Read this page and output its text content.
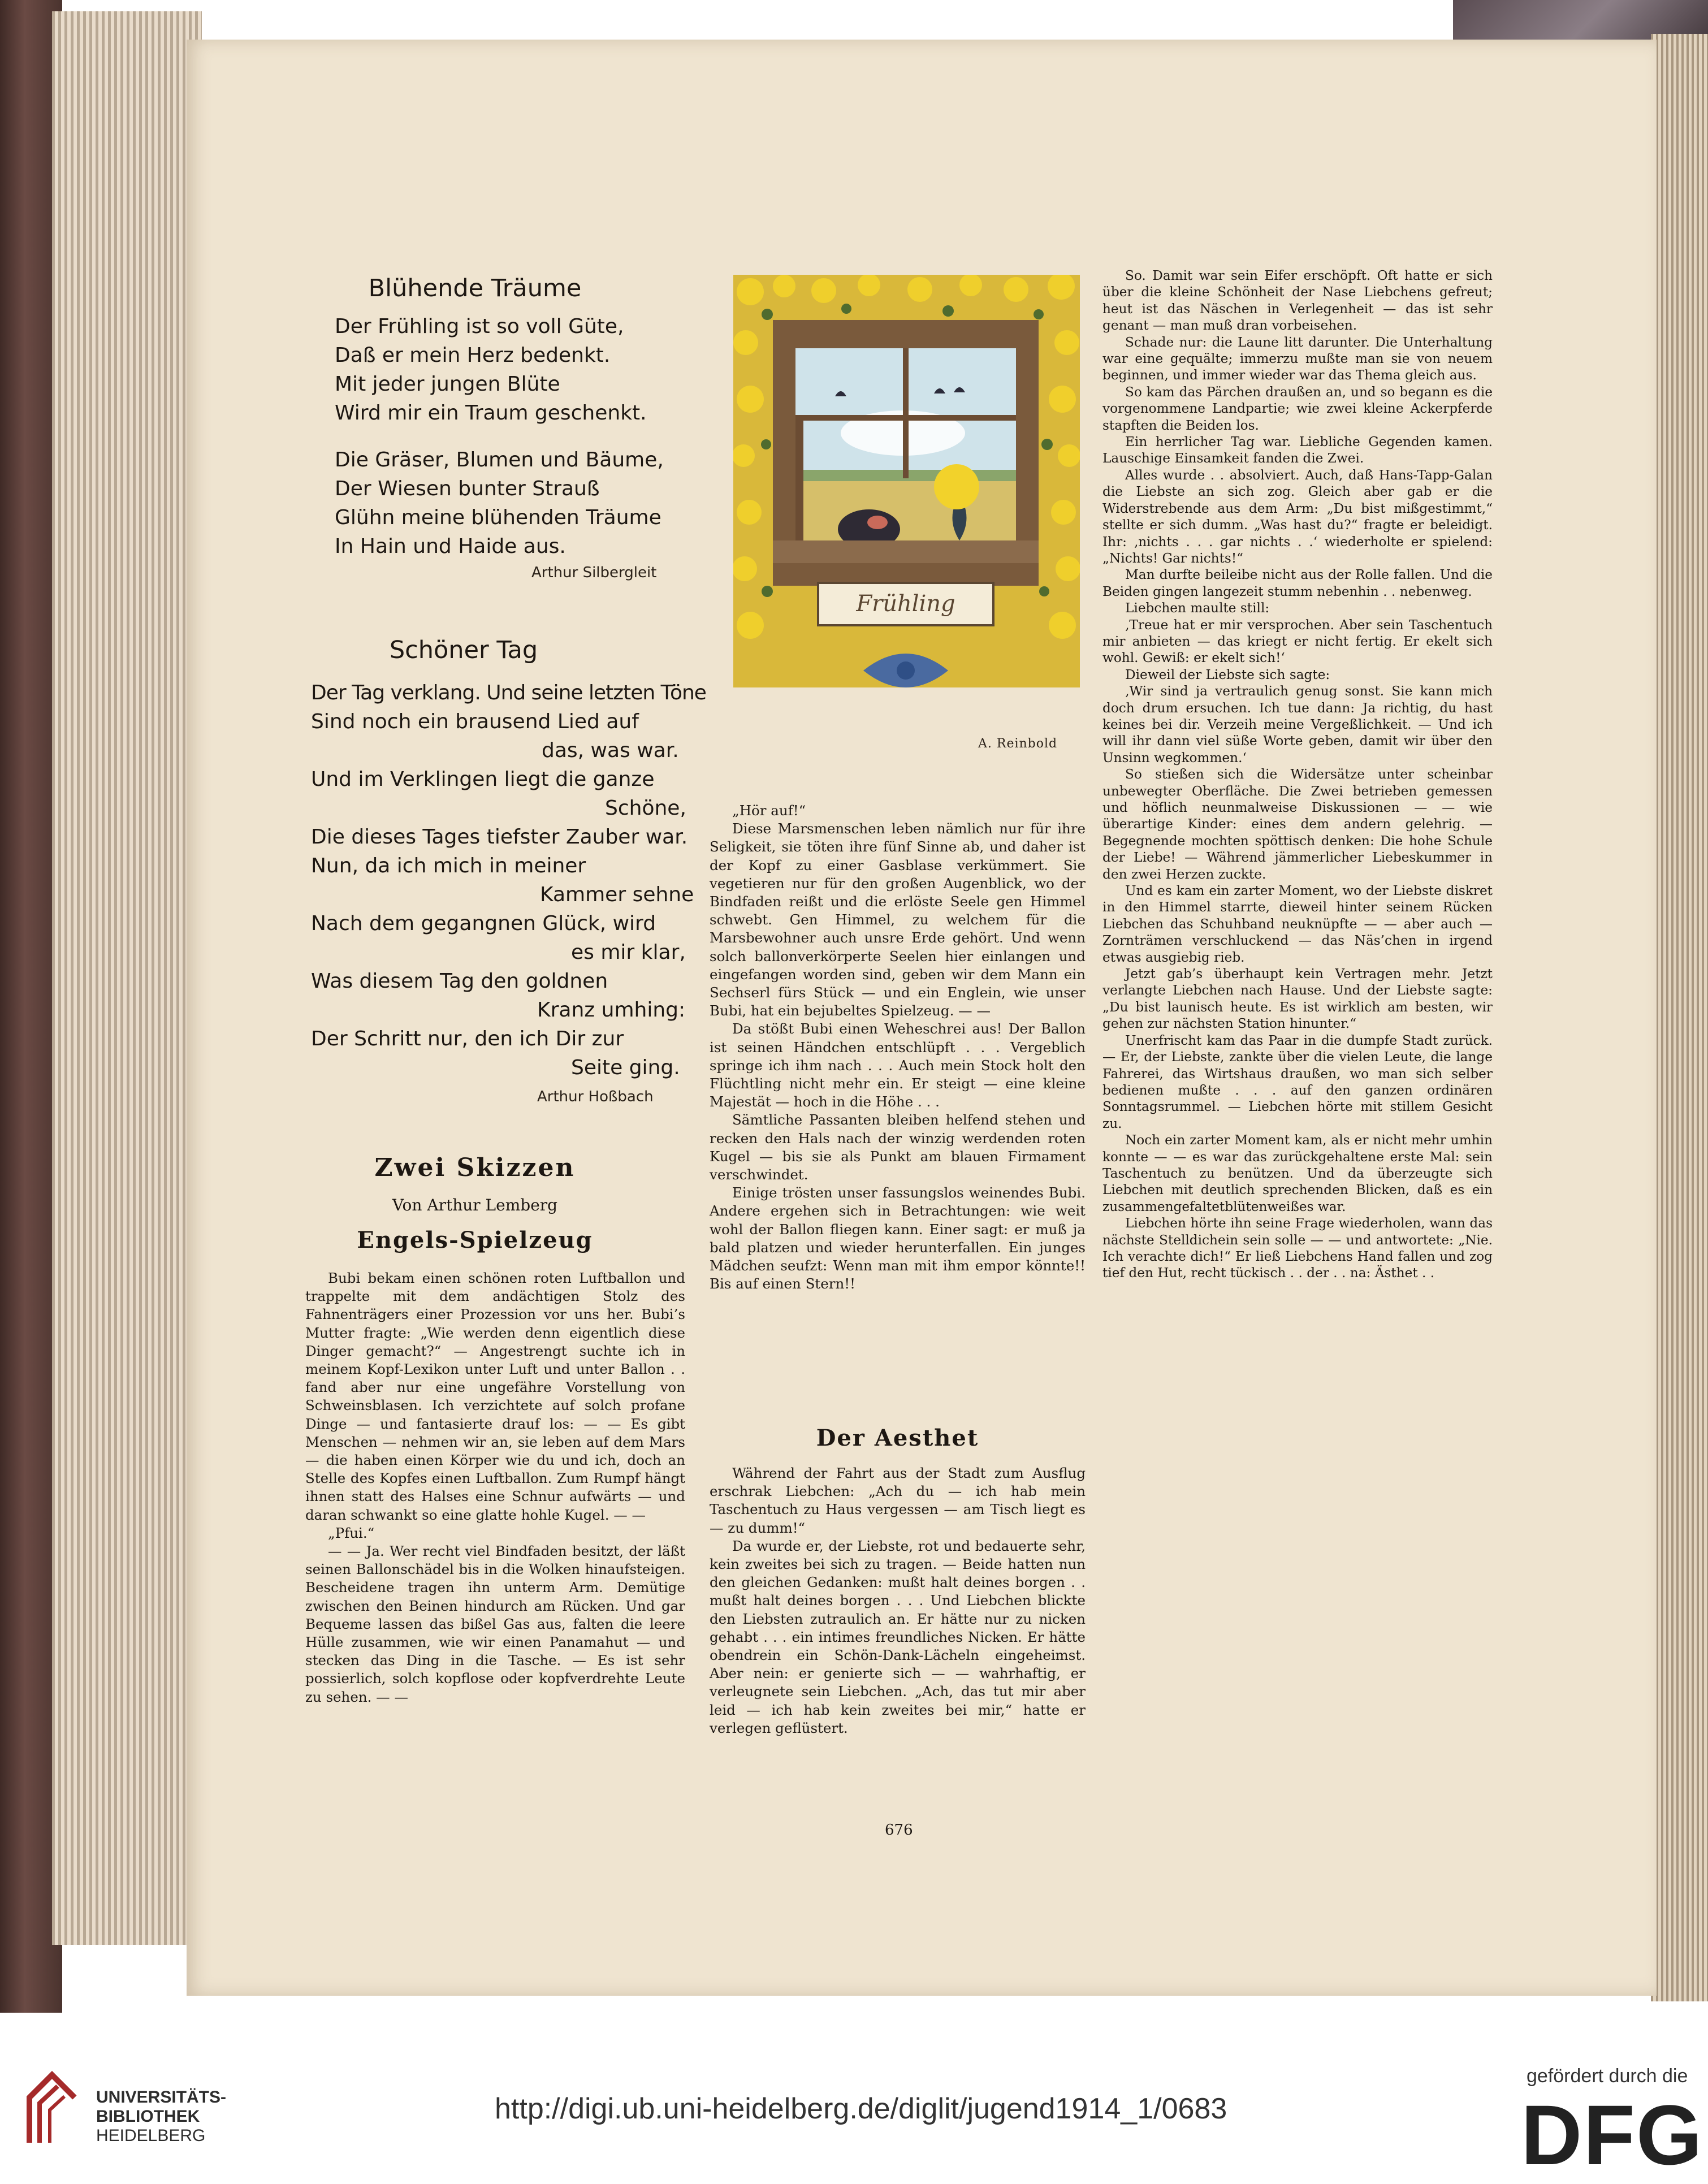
Blühende Träume
Der Frühling ist so voll Güte,
Daß er mein Herz bedenkt.
Mit jeder jungen Blüte
Wird mir ein Traum geschenkt.
Die Gräser, Blumen und Bäume,
Der Wiesen bunter Strauß
Glühn meine blühenden Träume
In Hain und Haide aus.
Arthur Silbergleit
Schöner Tag
Der Tag verklang. Und seine letzten Töne
Sind noch ein brausend Lied auf
das, was war.
Und im Verklingen liegt die ganze
Schöne,
Die dieses Tages tiefster Zauber war.
Nun, da ich mich in meiner
Kammer sehne
Nach dem gegangnen Glück, wird
es mir klar,
Was diesem Tag den goldnen
Kranz umhing:
Der Schritt nur, den ich Dir zur
Seite ging.
Arthur Hoßbach
Zwei Skizzen
Von Arthur Lemberg
Engels-Spielzeug

Bubi bekam einen schönen roten Luftballon und trappelte mit dem andächtigen Stolz des Fahnenträgers einer Prozession vor uns her. Bubi’s Mutter fragte: „Wie werden denn eigentlich diese Dinger gemacht?“ — Angestrengt suchte ich in meinem Kopf-Lexikon unter Luft und unter Ballon . . fand aber nur eine ungefähre Vorstellung von Schweinsblasen. Ich verzichtete auf solch profane Dinge — und fantasierte drauf los: — — Es gibt Menschen — nehmen wir an, sie leben auf dem Mars — die haben einen Körper wie du und ich, doch an Stelle des Kopfes einen Luftballon. Zum Rumpf hängt ihnen statt des Halses eine Schnur aufwärts — und daran schwankt so eine glatte hohle Kugel. — —

„Pfui.“

— — Ja. Wer recht viel Bindfaden besitzt, der läßt seinen Ballonschädel bis in die Wolken hinaufsteigen. Bescheidene tragen ihn unterm Arm. Demütige zwischen den Beinen hindurch am Rücken. Und gar Bequeme lassen das bißel Gas aus, falten die leere Hülle zusammen, wie wir einen Panamahut — und stecken das Ding in die Tasche. — Es ist sehr possierlich, solch kopflose oder kopfverdrehte Leute zu sehen. — —

Frühling
A. Reinbold

„Hör auf!“

Diese Marsmenschen leben nämlich nur für ihre Seligkeit, sie töten ihre fünf Sinne ab, und daher ist der Kopf zu einer Gasblase verkümmert. Sie vegetieren nur für den großen Augenblick, wo der Bindfaden reißt und die erlöste Seele gen Himmel schwebt. Gen Himmel, zu welchem für die Marsbewohner auch unsre Erde gehört. Und wenn solch ballonverkörperte Seelen hier einlangen und eingefangen worden sind, geben wir dem Mann ein Sechserl fürs Stück — und ein Englein, wie unser Bubi, hat ein bejubeltes Spielzeug. — —

Da stößt Bubi einen Weheschrei aus! Der Ballon ist seinen Händchen entschlüpft . . . Vergeblich springe ich ihm nach . . . Auch mein Stock holt den Flüchtling nicht mehr ein. Er steigt — eine kleine Majestät — hoch in die Höhe . . .

Sämtliche Passanten bleiben helfend stehen und recken den Hals nach der winzig werdenden roten Kugel — bis sie als Punkt am blauen Firmament verschwindet.

Einige trösten unser fassungslos weinendes Bubi. Andere ergehen sich in Betrachtungen: wie weit wohl der Ballon fliegen kann. Einer sagt: er muß ja bald platzen und wieder herunterfallen. Ein junges Mädchen seufzt: Wenn man mit ihm empor könnte!! Bis auf einen Stern!!

Der Aesthet

Während der Fahrt aus der Stadt zum Ausflug erschrak Liebchen: „Ach du — ich hab mein Taschentuch zu Haus vergessen — am Tisch liegt es — zu dumm!“

Da wurde er, der Liebste, rot und bedauerte sehr, kein zweites bei sich zu tragen. — Beide hatten nun den gleichen Gedanken: mußt halt deines borgen . . mußt halt deines borgen . . . Und Liebchen blickte den Liebsten zutraulich an. Er hätte nur zu nicken gehabt . . . ein intimes freundliches Nicken. Er hätte obendrein ein Schön-Dank-Lächeln eingeheimst. Aber nein: er genierte sich — — wahrhaftig, er verleugnete sein Liebchen. „Ach, das tut mir aber leid — ich hab kein zweites bei mir,“ hatte er verlegen geflüstert.

So. Damit war sein Eifer erschöpft. Oft hatte er sich über die kleine Schönheit der Nase Liebchens gefreut; heut ist das Näschen in Verlegenheit — das ist sehr genant — man muß dran vorbeisehen.

Schade nur: die Laune litt darunter. Die Unterhaltung war eine gequälte; immerzu mußte man sie von neuem beginnen, und immer wieder war das Thema gleich aus.

So kam das Pärchen draußen an, und so begann es die vorgenommene Landpartie; wie zwei kleine Ackerpferde stapften die Beiden los.

Ein herrlicher Tag war. Liebliche Gegenden kamen. Lauschige Einsamkeit fanden die Zwei.

Alles wurde . . absolviert. Auch, daß Hans-Tapp-Galan die Liebste an sich zog. Gleich aber gab er die Widerstrebende aus dem Arm: „Du bist mißgestimmt,“ stellte er sich dumm. „Was hast du?“ fragte er beleidigt. Ihr: ‚nichts . . . gar nichts . .‘ wiederholte er spielend: „Nichts! Gar nichts!“

Man durfte beileibe nicht aus der Rolle fallen. Und die Beiden gingen langezeit stumm nebenhin . . nebenweg.

Liebchen maulte still:

‚Treue hat er mir versprochen. Aber sein Taschentuch mir anbieten — das kriegt er nicht fertig. Er ekelt sich wohl. Gewiß: er ekelt sich!‘

Dieweil der Liebste sich sagte:

‚Wir sind ja vertraulich genug sonst. Sie kann mich doch drum ersuchen. Ich tue dann: Ja richtig, du hast keines bei dir. Verzeih meine Vergeßlichkeit. — Und ich will ihr dann viel süße Worte geben, damit wir über den Unsinn wegkommen.‘

So stießen sich die Widersätze unter scheinbar unbewegter Oberfläche. Die Zwei betrieben gemessen und höflich neunmalweise Diskussionen — — wie überartige Kinder: eines dem andern gelehrig. — Begegnende mochten spöttisch denken: Die hohe Schule der Liebe! — Während jämmerlicher Liebeskummer in den zwei Herzen zuckte.

Und es kam ein zarter Moment, wo der Liebste diskret in den Himmel starrte, dieweil hinter seinem Rücken Liebchen das Schuhband neuknüpfte — — aber auch — Zornträmen verschluckend — das Näs’chen in irgend etwas ausgiebig rieb.

Jetzt gab’s überhaupt kein Vertragen mehr. Jetzt verlangte Liebchen nach Hause. Und der Liebste sagte: „Du bist launisch heute. Es ist wirklich am besten, wir gehen zur nächsten Station hinunter.“

Unerfrischt kam das Paar in die dumpfe Stadt zurück. — Er, der Liebste, zankte über die vielen Leute, die lange Fahrerei, das Wirtshaus draußen, wo man sich selber bedienen mußte . . . auf den ganzen ordinären Sonntagsrummel. — Liebchen hörte mit stillem Gesicht zu.

Noch ein zarter Moment kam, als er nicht mehr umhin konnte — — es war das zurückgehaltene erste Mal: sein Taschentuch zu benützen. Und da überzeugte sich Liebchen mit deutlich sprechenden Blicken, daß es ein zusammengefaltetblütenweißes war.

Liebchen hörte ihn seine Frage wiederholen, wann das nächste Stelldichein sein solle — — und antwortete: „Nie. Ich verachte dich!“ Er ließ Liebchens Hand fallen und zog tief den Hut, recht tückisch . . der . . na: Ästhet . .

676
UNIVERSITÄTS-
BIBLIOTHEK
HEIDELBERG
http://digi.ub.uni-heidelberg.de/diglit/jugend1914_1/0683
gefördert durch die
DFG
